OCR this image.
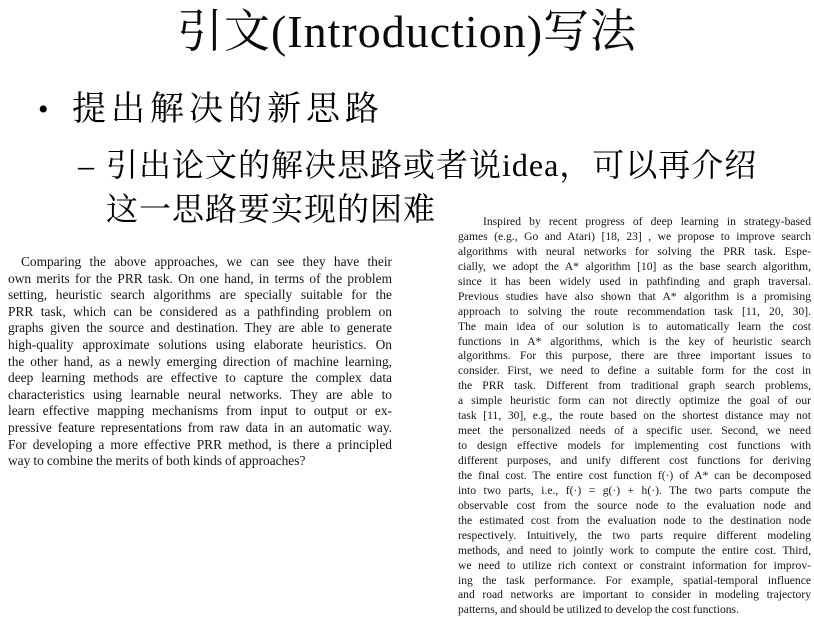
引文(Introduction)写法
• 提出解决的新思路
– 引出论文的解决思路或者说idea，可以再介绍
这一思路要实现的困难
Comparing the above approaches, we can see they have their
own merits for the PRR task. On one hand, in terms of the problem
setting, heuristic search algorithms are specially suitable for the
PRR task, which can be considered as a pathfinding problem on
graphs given the source and destination. They are able to generate
high-quality approximate solutions using elaborate heuristics. On
the other hand, as a newly emerging direction of machine learning,
deep learning methods are effective to capture the complex data
characteristics using learnable neural networks. They are able to
learn effective mapping mechanisms from input to output or ex-
pressive feature representations from raw data in an automatic way.
For developing a more effective PRR method, is there a principled
way to combine the merits of both kinds of approaches?
Inspired by recent progress of deep learning in strategy-based
games (e.g., Go and Atari) [18, 23] , we propose to improve search
algorithms with neural networks for solving the PRR task. Espe-
cially, we adopt the A* algorithm [10] as the base search algorithm,
since it has been widely used in pathfinding and graph traversal.
Previous studies have also shown that A* algorithm is a promising
approach to solving the route recommendation task [11, 20, 30].
The main idea of our solution is to automatically learn the cost
functions in A* algorithms, which is the key of heuristic search
algorithms. For this purpose, there are three important issues to
consider. First, we need to define a suitable form for the cost in
the PRR task. Different from traditional graph search problems,
a simple heuristic form can not directly optimize the goal of our
task [11, 30], e.g., the route based on the shortest distance may not
meet the personalized needs of a specific user. Second, we need
to design effective models for implementing cost functions with
different purposes, and unify different cost functions for deriving
the final cost. The entire cost function f(·) of A* can be decomposed
into two parts, i.e., f(·) = g(·) + h(·). The two parts compute the
observable cost from the source node to the evaluation node and
the estimated cost from the evaluation node to the destination node
respectively. Intuitively, the two parts require different modeling
methods, and need to jointly work to compute the entire cost. Third,
we need to utilize rich context or constraint information for improv-
ing the task performance. For example, spatial-temporal influence
and road networks are important to consider in modeling trajectory
patterns, and should be utilized to develop the cost functions.
